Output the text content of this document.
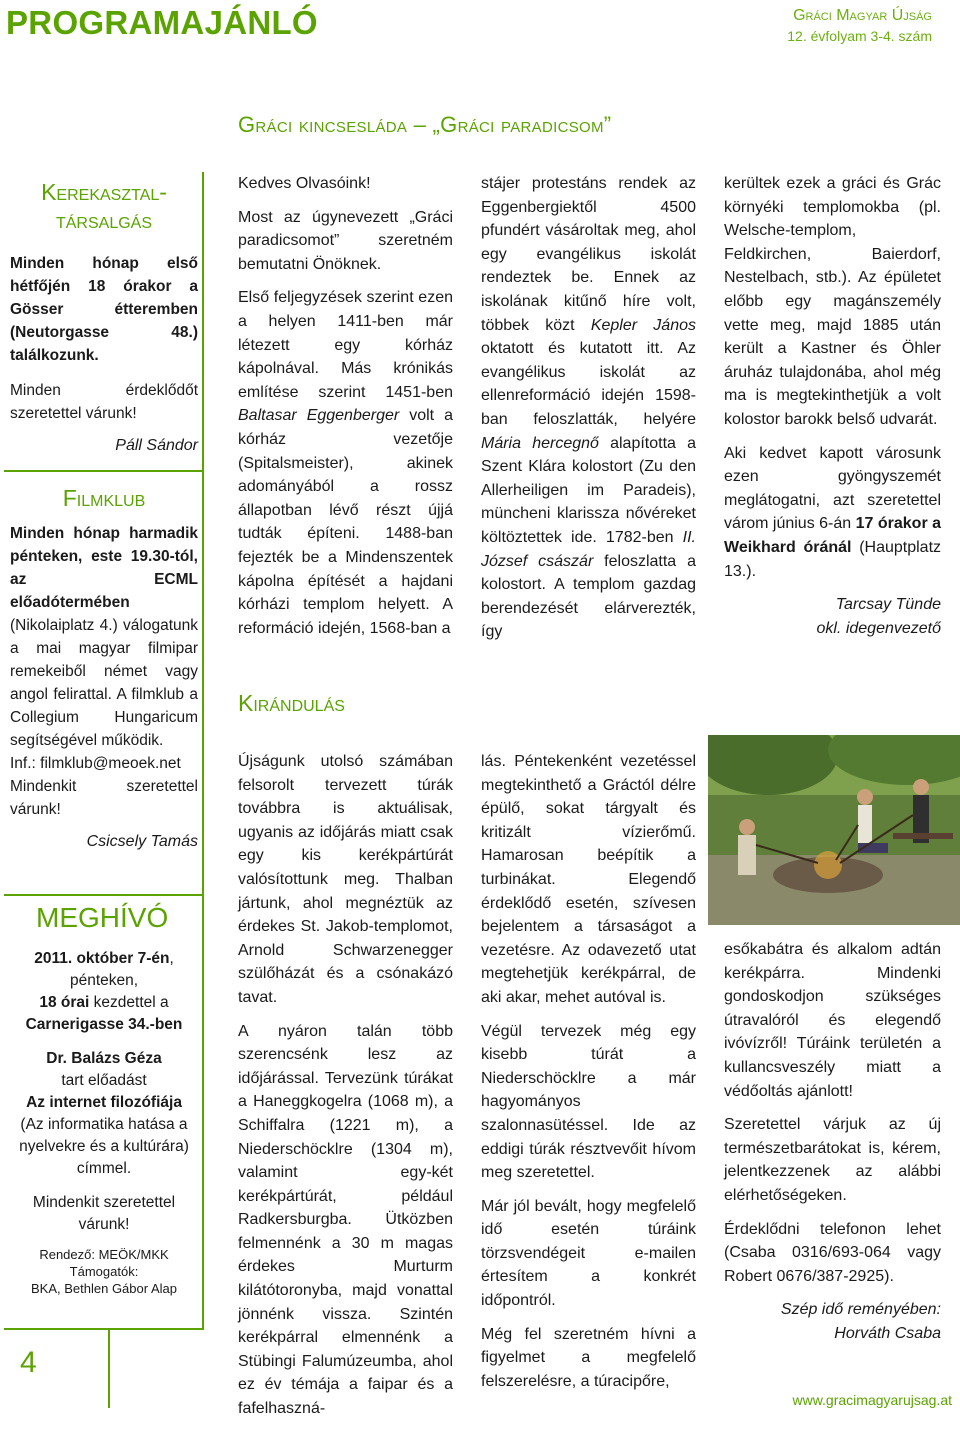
PROGRAMAJÁNLÓ	Gráci Magyar Újság
12. évfolyam 3-4. szám
Gráci kincsesláda – „Gráci paradicsom”
4
Kerekasztal-
társalgás
Minden hónap első hétfőjén 18 órakor a Gösser étteremben (Neutorgasse 48.) találkozunk.
Minden érdeklődőt szeretettel várunk!
Páll Sándor
Filmklub
Minden hónap harmadik pénteken, este 19.30-tól, az ECML előadótermében (Nikolaiplatz 4.) válogatunk a mai magyar filmipar remekeiből német vagy angol felirattal. A filmklub a Collegium Hungaricum segítségével működik.
Inf.: filmklub@meoek.net
Mindenkit szeretettel várunk!
Csicsely Tamás
MEGHÍVÓ
2011. október 7-én, pénteken,
18 órai kezdettel a
Carnerigasse 34.-ben
Dr. Balázs Géza
tart előadást
Az internet filozófiája
(Az informatika hatása a nyelvekre és a kultúrára) címmel.
Mindenkit szeretettel várunk!
Rendező: MEÖK/MKK
Támogatók:
BKA, Bethlen Gábor Alap

Kedves Olvasóink!

Most az úgynevezett „Gráci paradicsomot” szeretném bemutatni Önöknek.

Első feljegyzések szerint ezen a helyen 1411-ben már létezett egy kórház kápolnával. Más krónikás említése szerint 1451-ben Baltasar Eggenberger volt a kórház vezetője (Spitalsmeister), akinek adományából a rossz állapotban lévő részt újjá tudták építeni. 1488-ban fejezték be a Mindenszentek kápolna építését a hajdani kórházi templom helyett. A reformáció idején, 1568-ban a

stájer protestáns rendek az Eggenbergiektől 4500 pfundért vásároltak meg, ahol egy evangélikus iskolát rendeztek be. Ennek az iskolának kitűnő híre volt, többek közt Kepler János oktatott és kutatott itt. Az evangélikus iskolát az ellenreformáció idején 1598-ban feloszlatták, helyére Mária hercegnő alapította a Szent Klára kolostort (Zu den Allerheiligen im Paradeis), müncheni klarissza nővéreket költöztettek ide. 1782-ben II. József császár feloszlatta a kolostort. A templom gazdag berendezését elárverezték, így

kerültek ezek a gráci és Grác környéki templomokba (pl. Welsche-templom, Feldkirchen, Baierdorf, Nestelbach, stb.). Az épületet előbb egy magánszemély vette meg, majd 1885 után került a Kastner és Öhler áruház tulajdonába, ahol még ma is megtekinthetjük a volt kolostor barokk belső udvarát.

Aki kedvet kapott városunk ezen gyöngyszemét meglátogatni, azt szeretettel várom június 6-án 17 órakor a Weikhard óránál (Hauptplatz 13.).

Tarcsay Tünde
okl. idegenvezető
Kirándulás

Újságunk utolsó számában felsorolt tervezett túrák továbbra is aktuálisak, ugyanis az időjárás miatt csak egy kis kerékpártúrát valósítottunk meg. Thalban jártunk, ahol megnéztük az érdekes St. Jakob-templomot, Arnold Schwarzenegger szülőházát és a csónakázó tavat.

A nyáron talán több szerencsénk lesz az időjárással. Tervezünk túrákat a Haneggkogelra (1068 m), a Schiffalra (1221 m), a Niederschöcklre (1304 m), valamint egy-két kerékpártúrát, például Radkersburgba. Ütközben felmennénk a 30 m magas érdekes Murturm kilátótoronyba, majd vonattal jönnénk vissza. Szintén kerékpárral elmennénk a Stübingi Falumúzeumba, ahol ez év témája a faipar és a fafelhaszná-

lás. Péntekenként vezetéssel megtekinthető a Gráctól délre épülő, sokat tárgyalt és kritizált vízierőmű. Hamarosan beépítik a turbinákat. Elegendő érdeklődő esetén, szívesen bejelentem a társaságot a vezetésre. Az odavezető utat megtehetjük kerékpárral, de aki akar, mehet autóval is.

Végül tervezek még egy kisebb túrát a Niederschöcklre a már hagyományos szalonnasütéssel. Ide az eddigi túrák résztvevőit hívom meg szeretettel.

Már jól bevált, hogy megfelelő idő esetén túráink törzsvendégeit e-mailen értesítem a konkrét időpontról.

Még fel szeretném hívni a figyelmet a megfelelő felszerelésre, a túracipőre,

esőkabátra és alkalom adtán kerékpárra. Mindenki gondoskodjon szükséges útravalóról és elegendő ivóvízről! Túráink területén a kullancsveszély miatt a védőoltás ajánlott!

Szeretettel várjuk az új természetbarátokat is, kérem, jelentkezzenek az alábbi elérhetőségeken.

Érdeklődni telefonon lehet (Csaba 0316/693-064 vagy Robert 0676/387-2925).

Szép idő reményében:
Horváth Csaba
www.gracimagyarujsag.at
